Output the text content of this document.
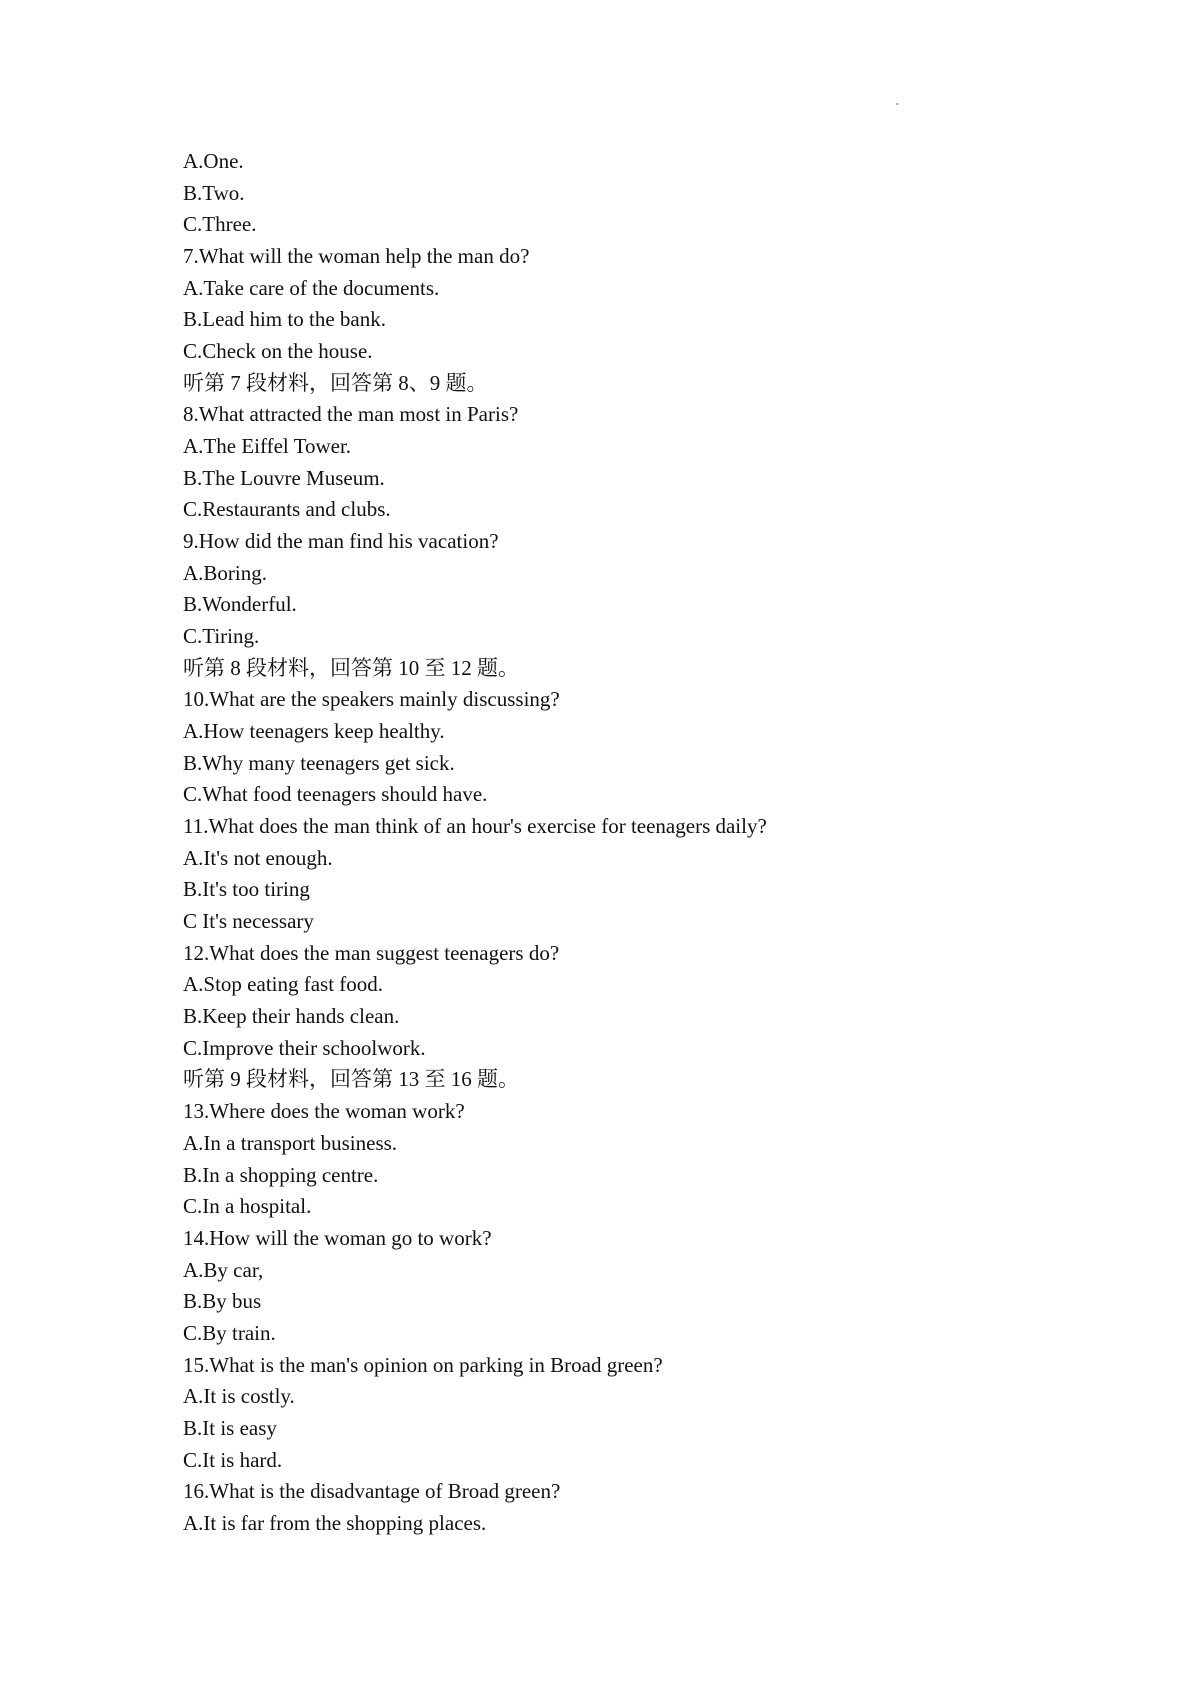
A.One.
B.Two.
C.Three.
7.What will the woman help the man do?
A.Take care of the documents.
B.Lead him to the bank.
C.Check on the house.
听第 7 段材料，回答第 8、9 题。
8.What attracted the man most in Paris?
A.The Eiffel Tower.
B.The Louvre Museum.
C.Restaurants and clubs.
9.How did the man find his vacation?
A.Boring.
B.Wonderful.
C.Tiring.
听第 8 段材料，回答第 10 至 12 题。
10.What are the speakers mainly discussing?
A.How teenagers keep healthy.
B.Why many teenagers get sick.
C.What food teenagers should have.
11.What does the man think of an hour's exercise for teenagers daily?
A.It's not enough.
B.It's too tiring
C It's necessary
12.What does the man suggest teenagers do?
A.Stop eating fast food.
B.Keep their hands clean.
C.Improve their schoolwork.
听第 9 段材料，回答第 13 至 16 题。
13.Where does the woman work?
A.In a transport business.
B.In a shopping centre.
C.In a hospital.
14.How will the woman go to work?
A.By car,
B.By bus
C.By train.
15.What is the man's opinion on parking in Broad green?
A.It is costly.
B.It is easy
C.It is hard.
16.What is the disadvantage of Broad green?
A.It is far from the shopping places.
